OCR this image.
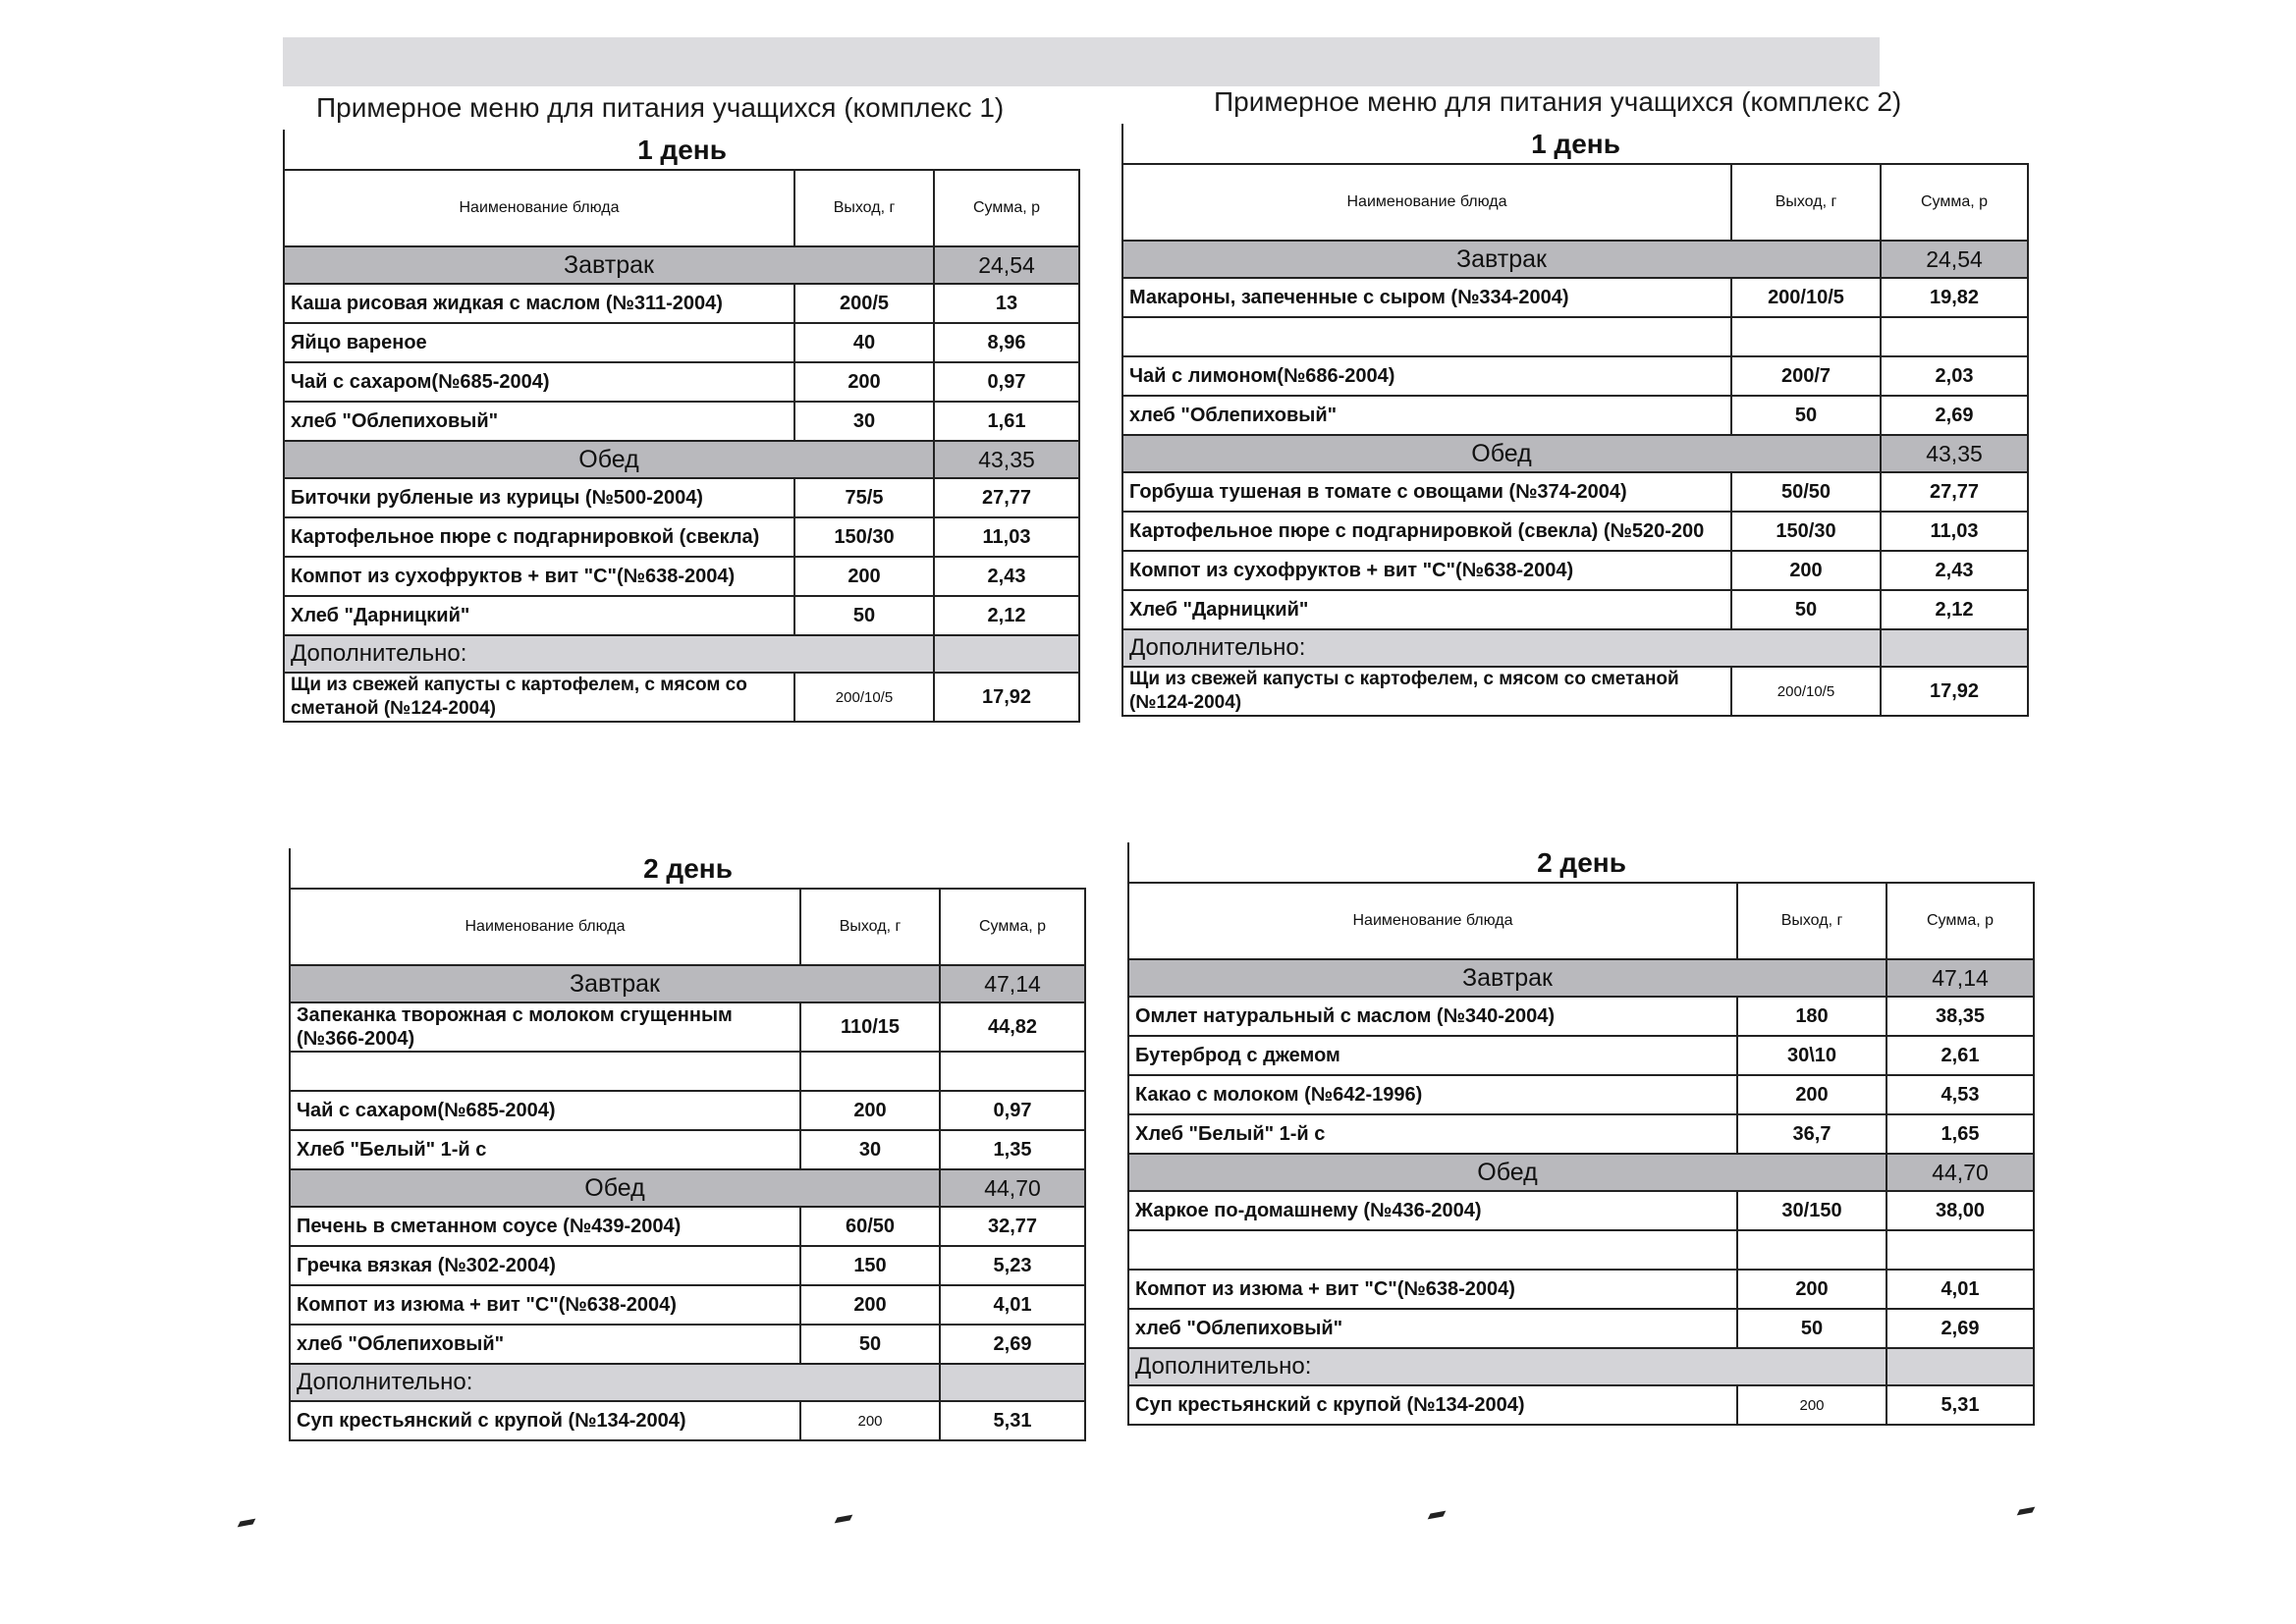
Примерное меню для питания учащихся (комплекс 1)	Примерное меню для питания учащихся (комплекс 2)
1 день		
Наименование блюда	Выход, г	Сумма, р
Завтрак		24,54
Каша рисовая жидкая с маслом (№311-2004)	200/5	13
Яйцо вареное	40	8,96
Чай с сахаром(№685-2004)	200	0,97
хлеб "Облепиховый"	30	1,61
Обед		43,35
Биточки рубленые из курицы (№500-2004)	75/5	27,77
Картофельное пюре с подгарнировкой (свекла)	150/30	11,03
Компот из сухофруктов + вит "С"(№638-2004)	200	2,43
Хлеб "Дарницкий"	50	2,12
Дополнительно:		
Щи из свежей капусты с картофелем, с мясом со сметаной (№124-2004)	200/10/5	17,92
1 день		
Наименование блюда	Выход, г	Сумма, р
Завтрак		24,54
Макароны, запеченные с сыром (№334-2004)	200/10/5	19,82

Чай с лимоном(№686-2004)	200/7	2,03
хлеб "Облепиховый"	50	2,69
Обед		43,35
Горбуша тушеная в томате с овощами (№374-2004)	50/50	27,77
Картофельное пюре с подгарнировкой (свекла) (№520-200	150/30	11,03
Компот из сухофруктов + вит "С"(№638-2004)	200	2,43
Хлеб "Дарницкий"	50	2,12
Дополнительно:		
Щи из свежей капусты с картофелем, с мясом со сметаной (№124-2004)	200/10/5	17,92
2 день		
Наименование блюда	Выход, г	Сумма, р
Завтрак		47,14
Запеканка творожная с молоком сгущенным (№366-2004)	110/15	44,82

Чай с сахаром(№685-2004)	200	0,97
Хлеб "Белый" 1-й с	30	1,35
Обед		44,70
Печень в сметанном соусе (№439-2004)	60/50	32,77
Гречка вязкая (№302-2004)	150	5,23
Компот из изюма + вит "С"(№638-2004)	200	4,01
хлеб "Облепиховый"	50	2,69
Дополнительно:		
Суп крестьянский с крупой (№134-2004)	200	5,31
2 день		
Наименование блюда	Выход, г	Сумма, р
Завтрак		47,14
Омлет натуральный с маслом (№340-2004)	180	38,35
Бутерброд с джемом	30\10	2,61
Какао с молоком (№642-1996)	200	4,53
Хлеб "Белый" 1-й с	36,7	1,65
Обед		44,70
Жаркое по-домашнему (№436-2004)	30/150	38,00

Компот из изюма + вит "С"(№638-2004)	200	4,01
хлеб "Облепиховый"	50	2,69
Дополнительно:		
Суп крестьянский с крупой (№134-2004)	200	5,31
